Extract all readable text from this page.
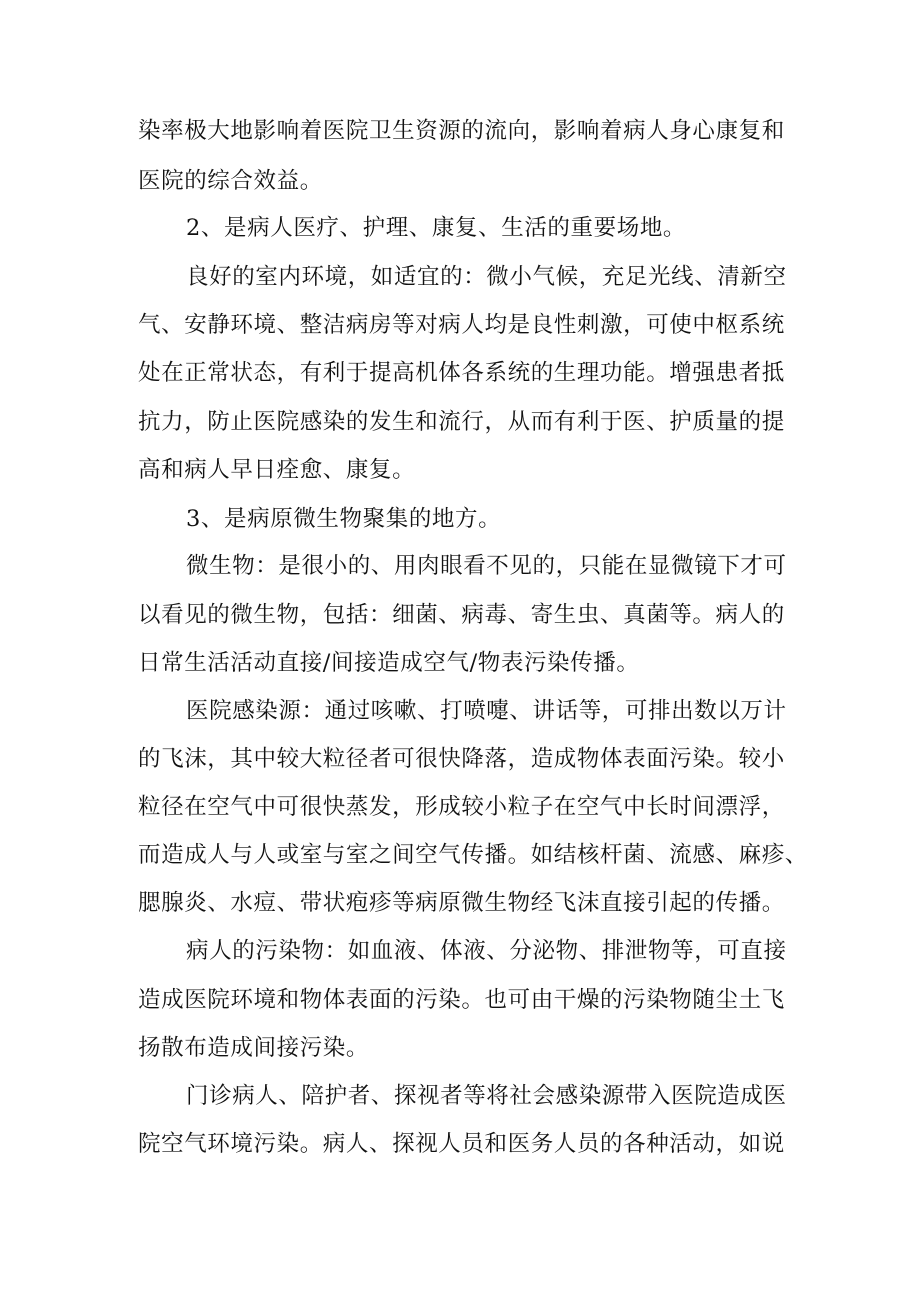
染率极大地影响着医院卫生资源的流向，影响着病人身心康复和
医院的综合效益。
2、是病人医疗、护理、康复、生活的重要场地。
良好的室内环境，如适宜的：微小气候，充足光线、清新空
气、安静环境、整洁病房等对病人均是良性刺激，可使中枢系统
处在正常状态，有利于提高机体各系统的生理功能。增强患者抵
抗力，防止医院感染的发生和流行，从而有利于医、护质量的提
高和病人早日痊愈、康复。
3、是病原微生物聚集的地方。
微生物：是很小的、用肉眼看不见的，只能在显微镜下才可
以看见的微生物，包括：细菌、病毒、寄生虫、真菌等。病人的
日常生活活动直接/间接造成空气/物表污染传播。
医院感染源：通过咳嗽、打喷嚏、讲话等，可排出数以万计
的飞沫，其中较大粒径者可很快降落，造成物体表面污染。较小
粒径在空气中可很快蒸发，形成较小粒子在空气中长时间漂浮，
而造成人与人或室与室之间空气传播。如结核杆菌、流感、麻疹、
腮腺炎、水痘、带状疱疹等病原微生物经飞沫直接引起的传播。
病人的污染物：如血液、体液、分泌物、排泄物等，可直接
造成医院环境和物体表面的污染。也可由干燥的污染物随尘土飞
扬散布造成间接污染。
门诊病人、陪护者、探视者等将社会感染源带入医院造成医
院空气环境污染。病人、探视人员和医务人员的各种活动，如说
